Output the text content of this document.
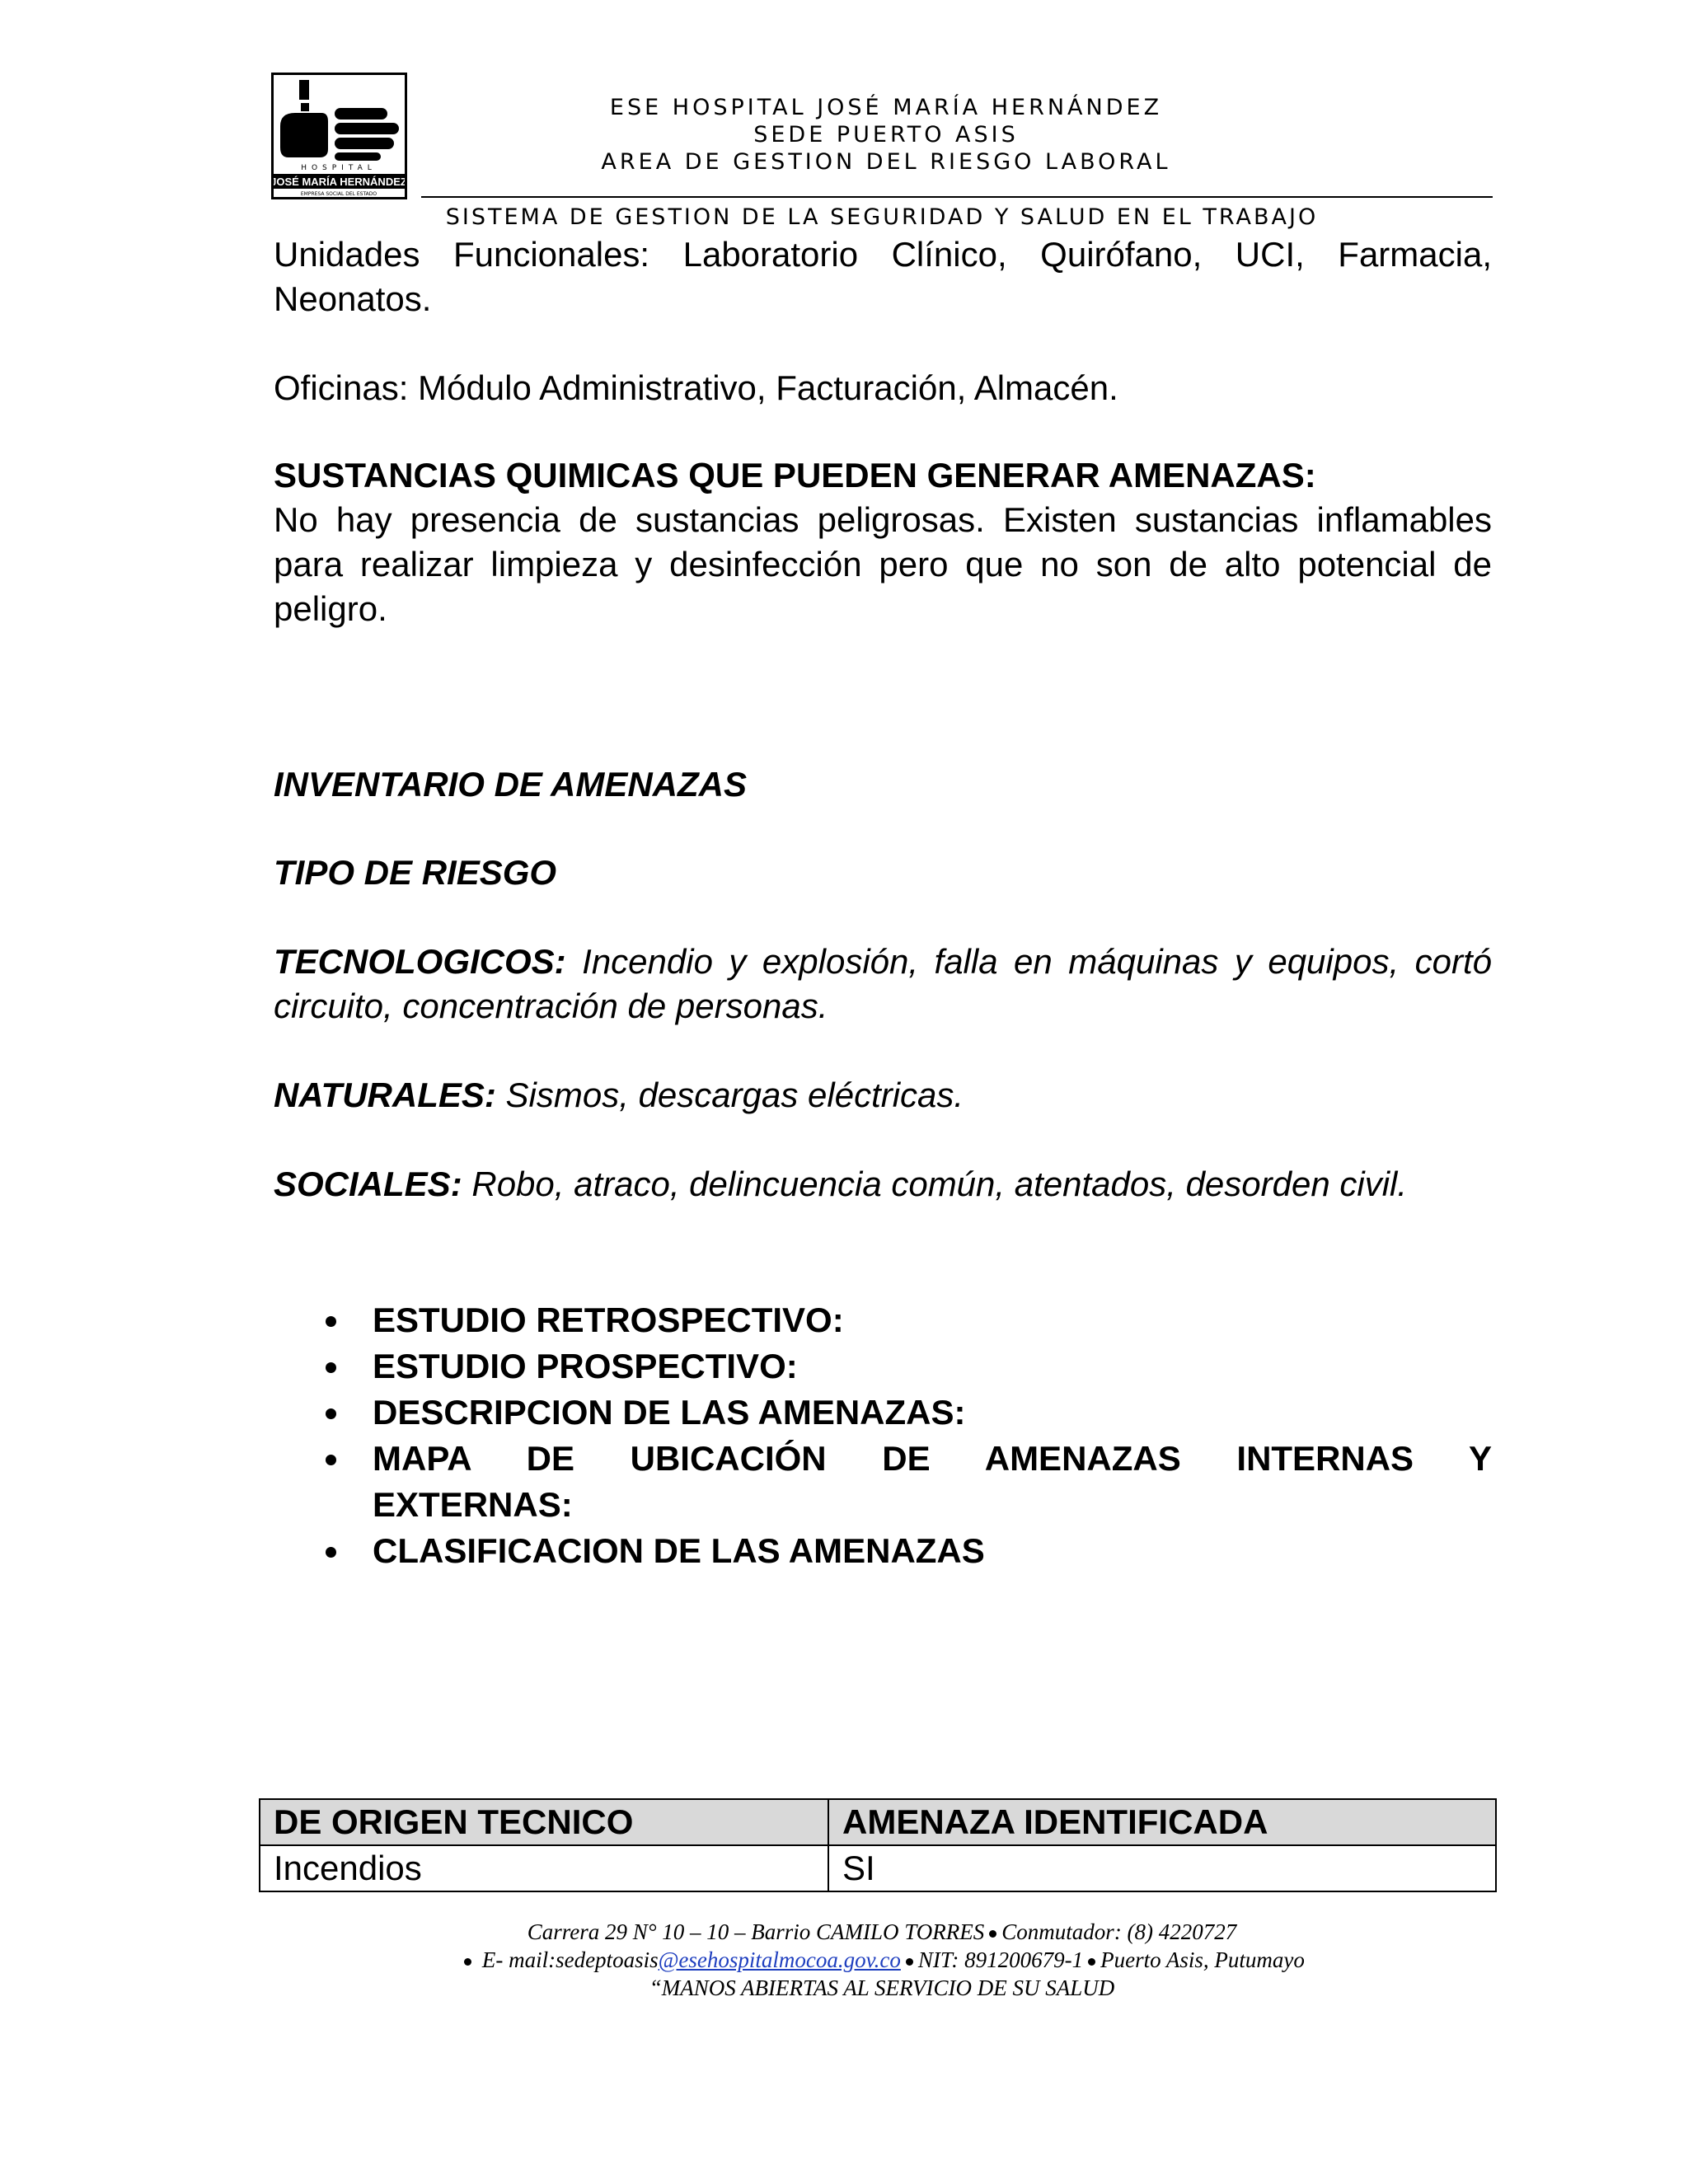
HOSPITAL
JOSÉ MARÍA HERNÁNDEZ
EMPRESA SOCIAL DEL ESTADO
ESE HOSPITAL JOSÉ MARÍA HERNÁNDEZ
SEDE PUERTO ASIS
AREA DE GESTION DEL RIESGO LABORAL
SISTEMA DE GESTION DE LA SEGURIDAD Y SALUD EN EL TRABAJO
Unidades Funcionales: Laboratorio Clínico, Quirófano, UCI, Farmacia, Neonatos.
Oficinas: Módulo Administrativo, Facturación, Almacén.
SUSTANCIAS QUIMICAS QUE PUEDEN GENERAR AMENAZAS:
No hay presencia de sustancias peligrosas. Existen sustancias inflamables para realizar limpieza y desinfección pero que no son de alto potencial de peligro.
INVENTARIO DE AMENAZAS
TIPO DE RIESGO
TECNOLOGICOS: Incendio y explosión, falla en máquinas y equipos, cortó circuito, concentración de personas.
NATURALES: Sismos, descargas eléctricas.
SOCIALES: Robo, atraco, delincuencia común, atentados, desorden civil.
ESTUDIO RETROSPECTIVO:
ESTUDIO PROSPECTIVO:
DESCRIPCION DE LAS AMENAZAS:
MAPA DE UBICACIÓN DE AMENAZAS INTERNAS Y
EXTERNAS:
CLASIFICACION DE LAS AMENAZAS
DE ORIGEN TECNICO	AMENAZA IDENTIFICADA
Incendios	SI
Carrera 29 N° 10 – 10 – Barrio CAMILO TORRES Conmutador: (8) 4220727
E- mail:sedeptoasis@esehospitalmocoa.gov.co NIT: 891200679-1 Puerto Asis, Putumayo
“MANOS ABIERTAS AL SERVICIO DE SU SALUD
